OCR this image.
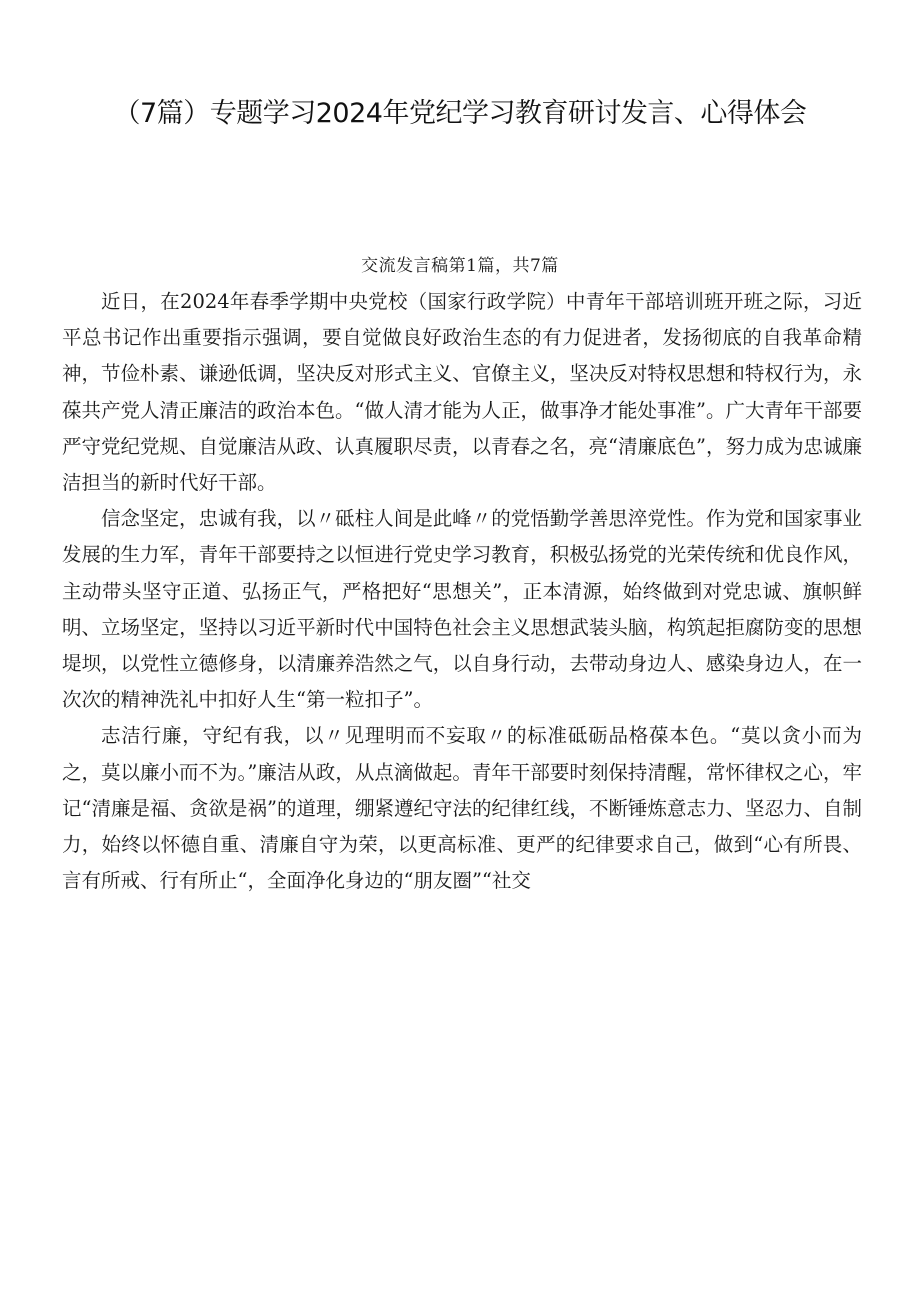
（7篇）专题学习2024年党纪学习教育研讨发言、心得体会
交流发言稿第1篇，共7篇

近日，在2024年春季学期中央党校（国家行政学院）中青年干部培训班开班之际，习近平总书记作出重要指示强调，要自觉做良好政治生态的有力促进者，发扬彻底的自我革命精神，节俭朴素、谦逊低调，坚决反对形式主义、官僚主义，坚决反对特权思想和特权行为，永葆共产党人清正廉洁的政治本色。“做人清才能为人正，做事净才能处事准”。广大青年干部要严守党纪党规、自觉廉洁从政、认真履职尽责，以青春之名，亮“清廉底色”，努力成为忠诚廉洁担当的新时代好干部。

信念坚定，忠诚有我，以〃砥柱人间是此峰〃的党悟勤学善思淬党性。作为党和国家事业发展的生力军，青年干部要持之以恒进行党史学习教育，积极弘扬党的光荣传统和优良作风，主动带头坚守正道、弘扬正气，严格把好“思想关”，正本清源，始终做到对党忠诚、旗帜鲜明、立场坚定，坚持以习近平新时代中国特色社会主义思想武装头脑，构筑起拒腐防变的思想堤坝，以党性立德修身，以清廉养浩然之气，以自身行动，去带动身边人、感染身边人，在一次次的精神洗礼中扣好人生“第一粒扣子”。

志洁行廉，守纪有我，以〃见理明而不妄取〃的标准砥砺品格葆本色。“莫以贪小而为之，莫以廉小而不为。”廉洁从政，从点滴做起。青年干部要时刻保持清醒，常怀律权之心，牢记“清廉是福、贪欲是祸”的道理，绷紧遵纪守法的纪律红线，不断锤炼意志力、坚忍力、自制力，始终以怀德自重、清廉自守为荣，以更高标准、更严的纪律要求自己，做到“心有所畏、言有所戒、行有所止“，全面净化身边的“朋友圈”“社交
